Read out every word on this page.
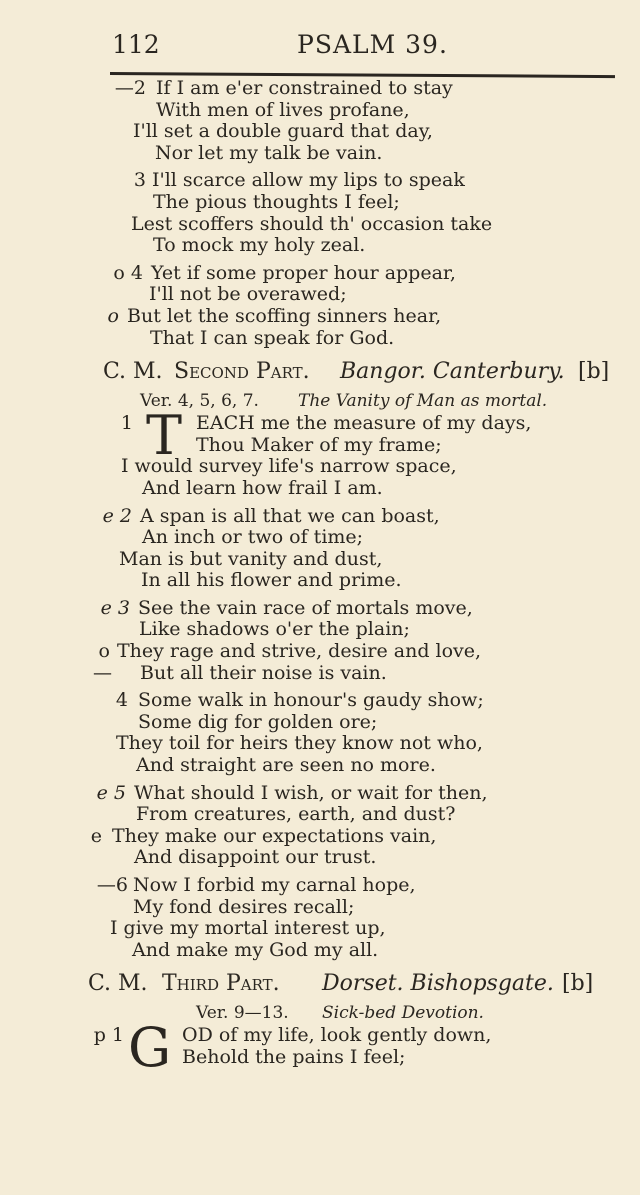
112	PSALM 39.
—2 If I am e'er constrained to stay
With men of lives profane,
I'll set a double guard that day,
Nor let my talk be vain.
3 I'll scarce allow my lips to speak
The pious thoughts I feel;
Lest scoffers should th' occasion take
To mock my holy zeal.
o 4 Yet if some proper hour appear,
I'll not be overawed;
o But let the scoffing sinners hear,
That I can speak for God.
C. M. Second Part. Bangor. Canterbury. [b]
Ver. 4, 5, 6, 7. The Vanity of Man as mortal.
1 T EACH me the measure of my days,
Thou Maker of my frame;
I would survey life's narrow space,
And learn how frail I am.
e 2 A span is all that we can boast,
An inch or two of time;
Man is but vanity and dust,
In all his flower and prime.
e 3 See the vain race of mortals move,
Like shadows o'er the plain;
o They rage and strive, desire and love,
— But all their noise is vain.
4 Some walk in honour's gaudy show;
Some dig for golden ore;
They toil for heirs they know not who,
And straight are seen no more.
e 5 What should I wish, or wait for then,
From creatures, earth, and dust?
e They make our expectations vain,
And disappoint our trust.
—6 Now I forbid my carnal hope,
My fond desires recall;
I give my mortal interest up,
And make my God my all.
C. M. Third Part. Dorset. Bishopsgate. [b]
Ver. 9—13. Sick-bed Devotion.
p 1 G OD of my life, look gently down,
Behold the pains I feel;
